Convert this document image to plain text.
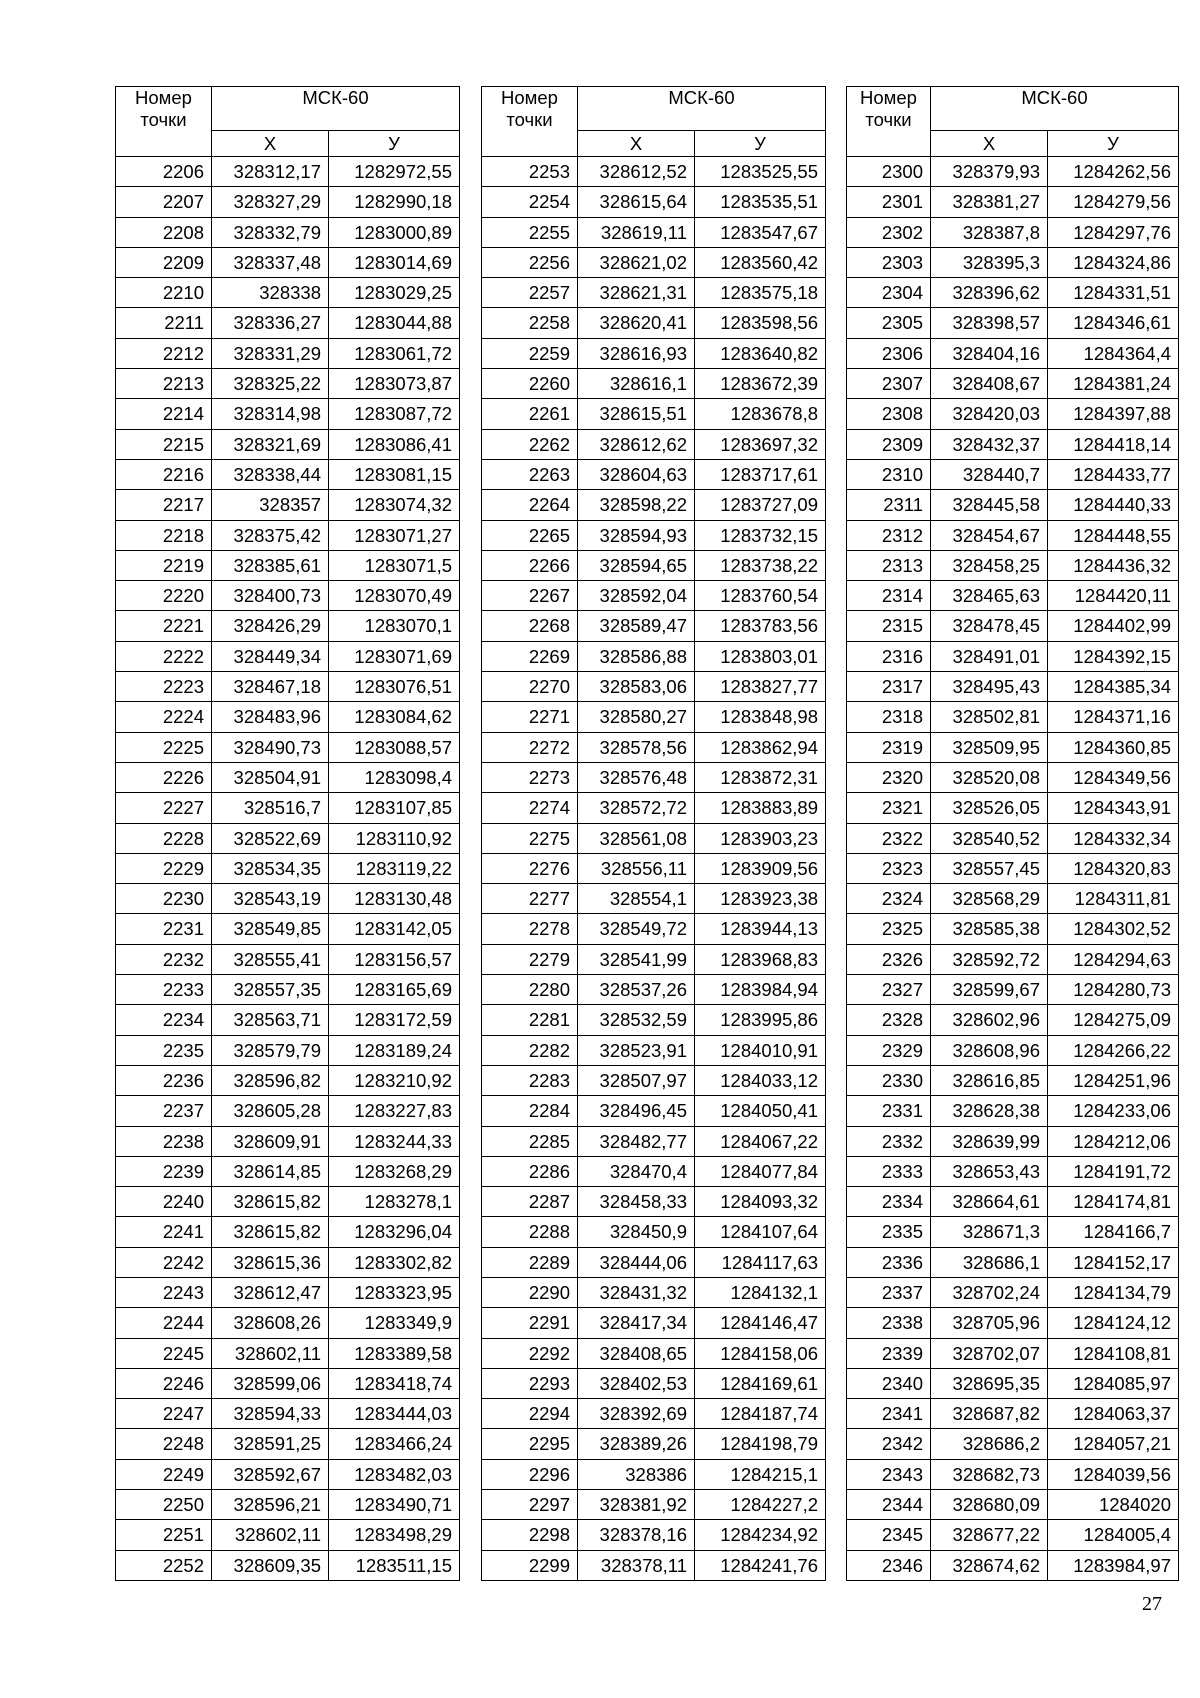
Номер
точки	МСК-60	
	Х	У
2206	328312,17	1282972,55
2207	328327,29	1282990,18
2208	328332,79	1283000,89
2209	328337,48	1283014,69
2210	328338	1283029,25
2211	328336,27	1283044,88
2212	328331,29	1283061,72
2213	328325,22	1283073,87
2214	328314,98	1283087,72
2215	328321,69	1283086,41
2216	328338,44	1283081,15
2217	328357	1283074,32
2218	328375,42	1283071,27
2219	328385,61	1283071,5
2220	328400,73	1283070,49
2221	328426,29	1283070,1
2222	328449,34	1283071,69
2223	328467,18	1283076,51
2224	328483,96	1283084,62
2225	328490,73	1283088,57
2226	328504,91	1283098,4
2227	328516,7	1283107,85
2228	328522,69	1283110,92
2229	328534,35	1283119,22
2230	328543,19	1283130,48
2231	328549,85	1283142,05
2232	328555,41	1283156,57
2233	328557,35	1283165,69
2234	328563,71	1283172,59
2235	328579,79	1283189,24
2236	328596,82	1283210,92
2237	328605,28	1283227,83
2238	328609,91	1283244,33
2239	328614,85	1283268,29
2240	328615,82	1283278,1
2241	328615,82	1283296,04
2242	328615,36	1283302,82
2243	328612,47	1283323,95
2244	328608,26	1283349,9
2245	328602,11	1283389,58
2246	328599,06	1283418,74
2247	328594,33	1283444,03
2248	328591,25	1283466,24
2249	328592,67	1283482,03
2250	328596,21	1283490,71
2251	328602,11	1283498,29
2252	328609,35	1283511,15
Номер
точки	МСК-60	
	Х	У
2253	328612,52	1283525,55
2254	328615,64	1283535,51
2255	328619,11	1283547,67
2256	328621,02	1283560,42
2257	328621,31	1283575,18
2258	328620,41	1283598,56
2259	328616,93	1283640,82
2260	328616,1	1283672,39
2261	328615,51	1283678,8
2262	328612,62	1283697,32
2263	328604,63	1283717,61
2264	328598,22	1283727,09
2265	328594,93	1283732,15
2266	328594,65	1283738,22
2267	328592,04	1283760,54
2268	328589,47	1283783,56
2269	328586,88	1283803,01
2270	328583,06	1283827,77
2271	328580,27	1283848,98
2272	328578,56	1283862,94
2273	328576,48	1283872,31
2274	328572,72	1283883,89
2275	328561,08	1283903,23
2276	328556,11	1283909,56
2277	328554,1	1283923,38
2278	328549,72	1283944,13
2279	328541,99	1283968,83
2280	328537,26	1283984,94
2281	328532,59	1283995,86
2282	328523,91	1284010,91
2283	328507,97	1284033,12
2284	328496,45	1284050,41
2285	328482,77	1284067,22
2286	328470,4	1284077,84
2287	328458,33	1284093,32
2288	328450,9	1284107,64
2289	328444,06	1284117,63
2290	328431,32	1284132,1
2291	328417,34	1284146,47
2292	328408,65	1284158,06
2293	328402,53	1284169,61
2294	328392,69	1284187,74
2295	328389,26	1284198,79
2296	328386	1284215,1
2297	328381,92	1284227,2
2298	328378,16	1284234,92
2299	328378,11	1284241,76
Номер
точки	МСК-60	
	Х	У
2300	328379,93	1284262,56
2301	328381,27	1284279,56
2302	328387,8	1284297,76
2303	328395,3	1284324,86
2304	328396,62	1284331,51
2305	328398,57	1284346,61
2306	328404,16	1284364,4
2307	328408,67	1284381,24
2308	328420,03	1284397,88
2309	328432,37	1284418,14
2310	328440,7	1284433,77
2311	328445,58	1284440,33
2312	328454,67	1284448,55
2313	328458,25	1284436,32
2314	328465,63	1284420,11
2315	328478,45	1284402,99
2316	328491,01	1284392,15
2317	328495,43	1284385,34
2318	328502,81	1284371,16
2319	328509,95	1284360,85
2320	328520,08	1284349,56
2321	328526,05	1284343,91
2322	328540,52	1284332,34
2323	328557,45	1284320,83
2324	328568,29	1284311,81
2325	328585,38	1284302,52
2326	328592,72	1284294,63
2327	328599,67	1284280,73
2328	328602,96	1284275,09
2329	328608,96	1284266,22
2330	328616,85	1284251,96
2331	328628,38	1284233,06
2332	328639,99	1284212,06
2333	328653,43	1284191,72
2334	328664,61	1284174,81
2335	328671,3	1284166,7
2336	328686,1	1284152,17
2337	328702,24	1284134,79
2338	328705,96	1284124,12
2339	328702,07	1284108,81
2340	328695,35	1284085,97
2341	328687,82	1284063,37
2342	328686,2	1284057,21
2343	328682,73	1284039,56
2344	328680,09	1284020
2345	328677,22	1284005,4
2346	328674,62	1283984,97
27
